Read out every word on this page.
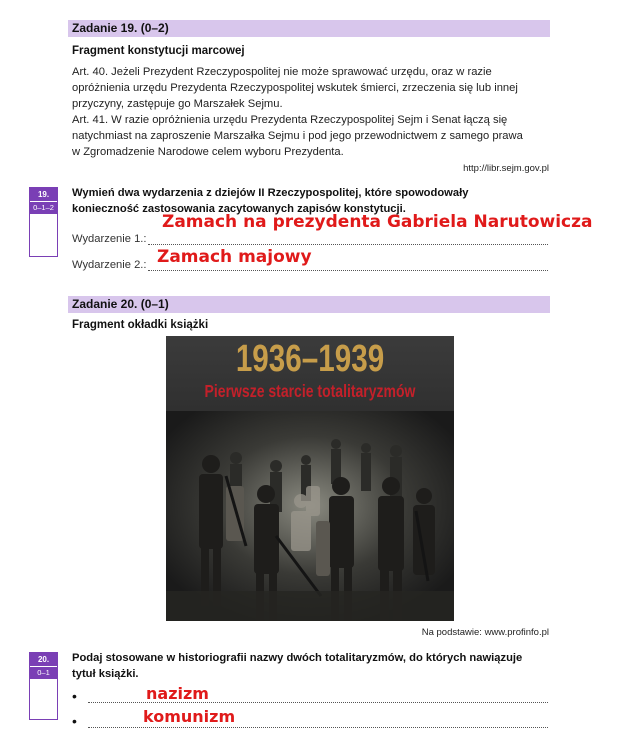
Zadanie 19. (0–2)
Fragment konstytucji marcowej
Art. 40. Jeżeli Prezydent Rzeczypospolitej nie może sprawować urzędu, oraz w razie
opróżnienia urzędu Prezydenta Rzeczypospolitej wskutek śmierci, zrzeczenia się lub innej
przyczyny, zastępuje go Marszałek Sejmu.
Art. 41. W razie opróżnienia urzędu Prezydenta Rzeczypospolitej Sejm i Senat łączą się
natychmiast na zaproszenie Marszałka Sejmu i pod jego przewodnictwem z samego prawa
w Zgromadzenie Narodowe celem wyboru Prezydenta.
http://libr.sejm.gov.pl
19.
0–1–2
Wymień dwa wydarzenia z dziejów II Rzeczypospolitej, które spowodowały
konieczność zastosowania zacytowanych zapisów konstytucji.
Wydarzenie 1.:
Zamach na prezydenta Gabriela Narutowicza
Wydarzenie 2.: Zamach majowy
Zadanie 20. (0–1)
Fragment okładki książki
1936–1939
Pierwsze starcie totalitaryzmów
Na podstawie: www.profinfo.pl
20.
0–1
Podaj stosowane w historiografii nazwy dwóch totalitaryzmów, do których nawiązuje
tytuł książki.
•	nazizm
•	komunizm
